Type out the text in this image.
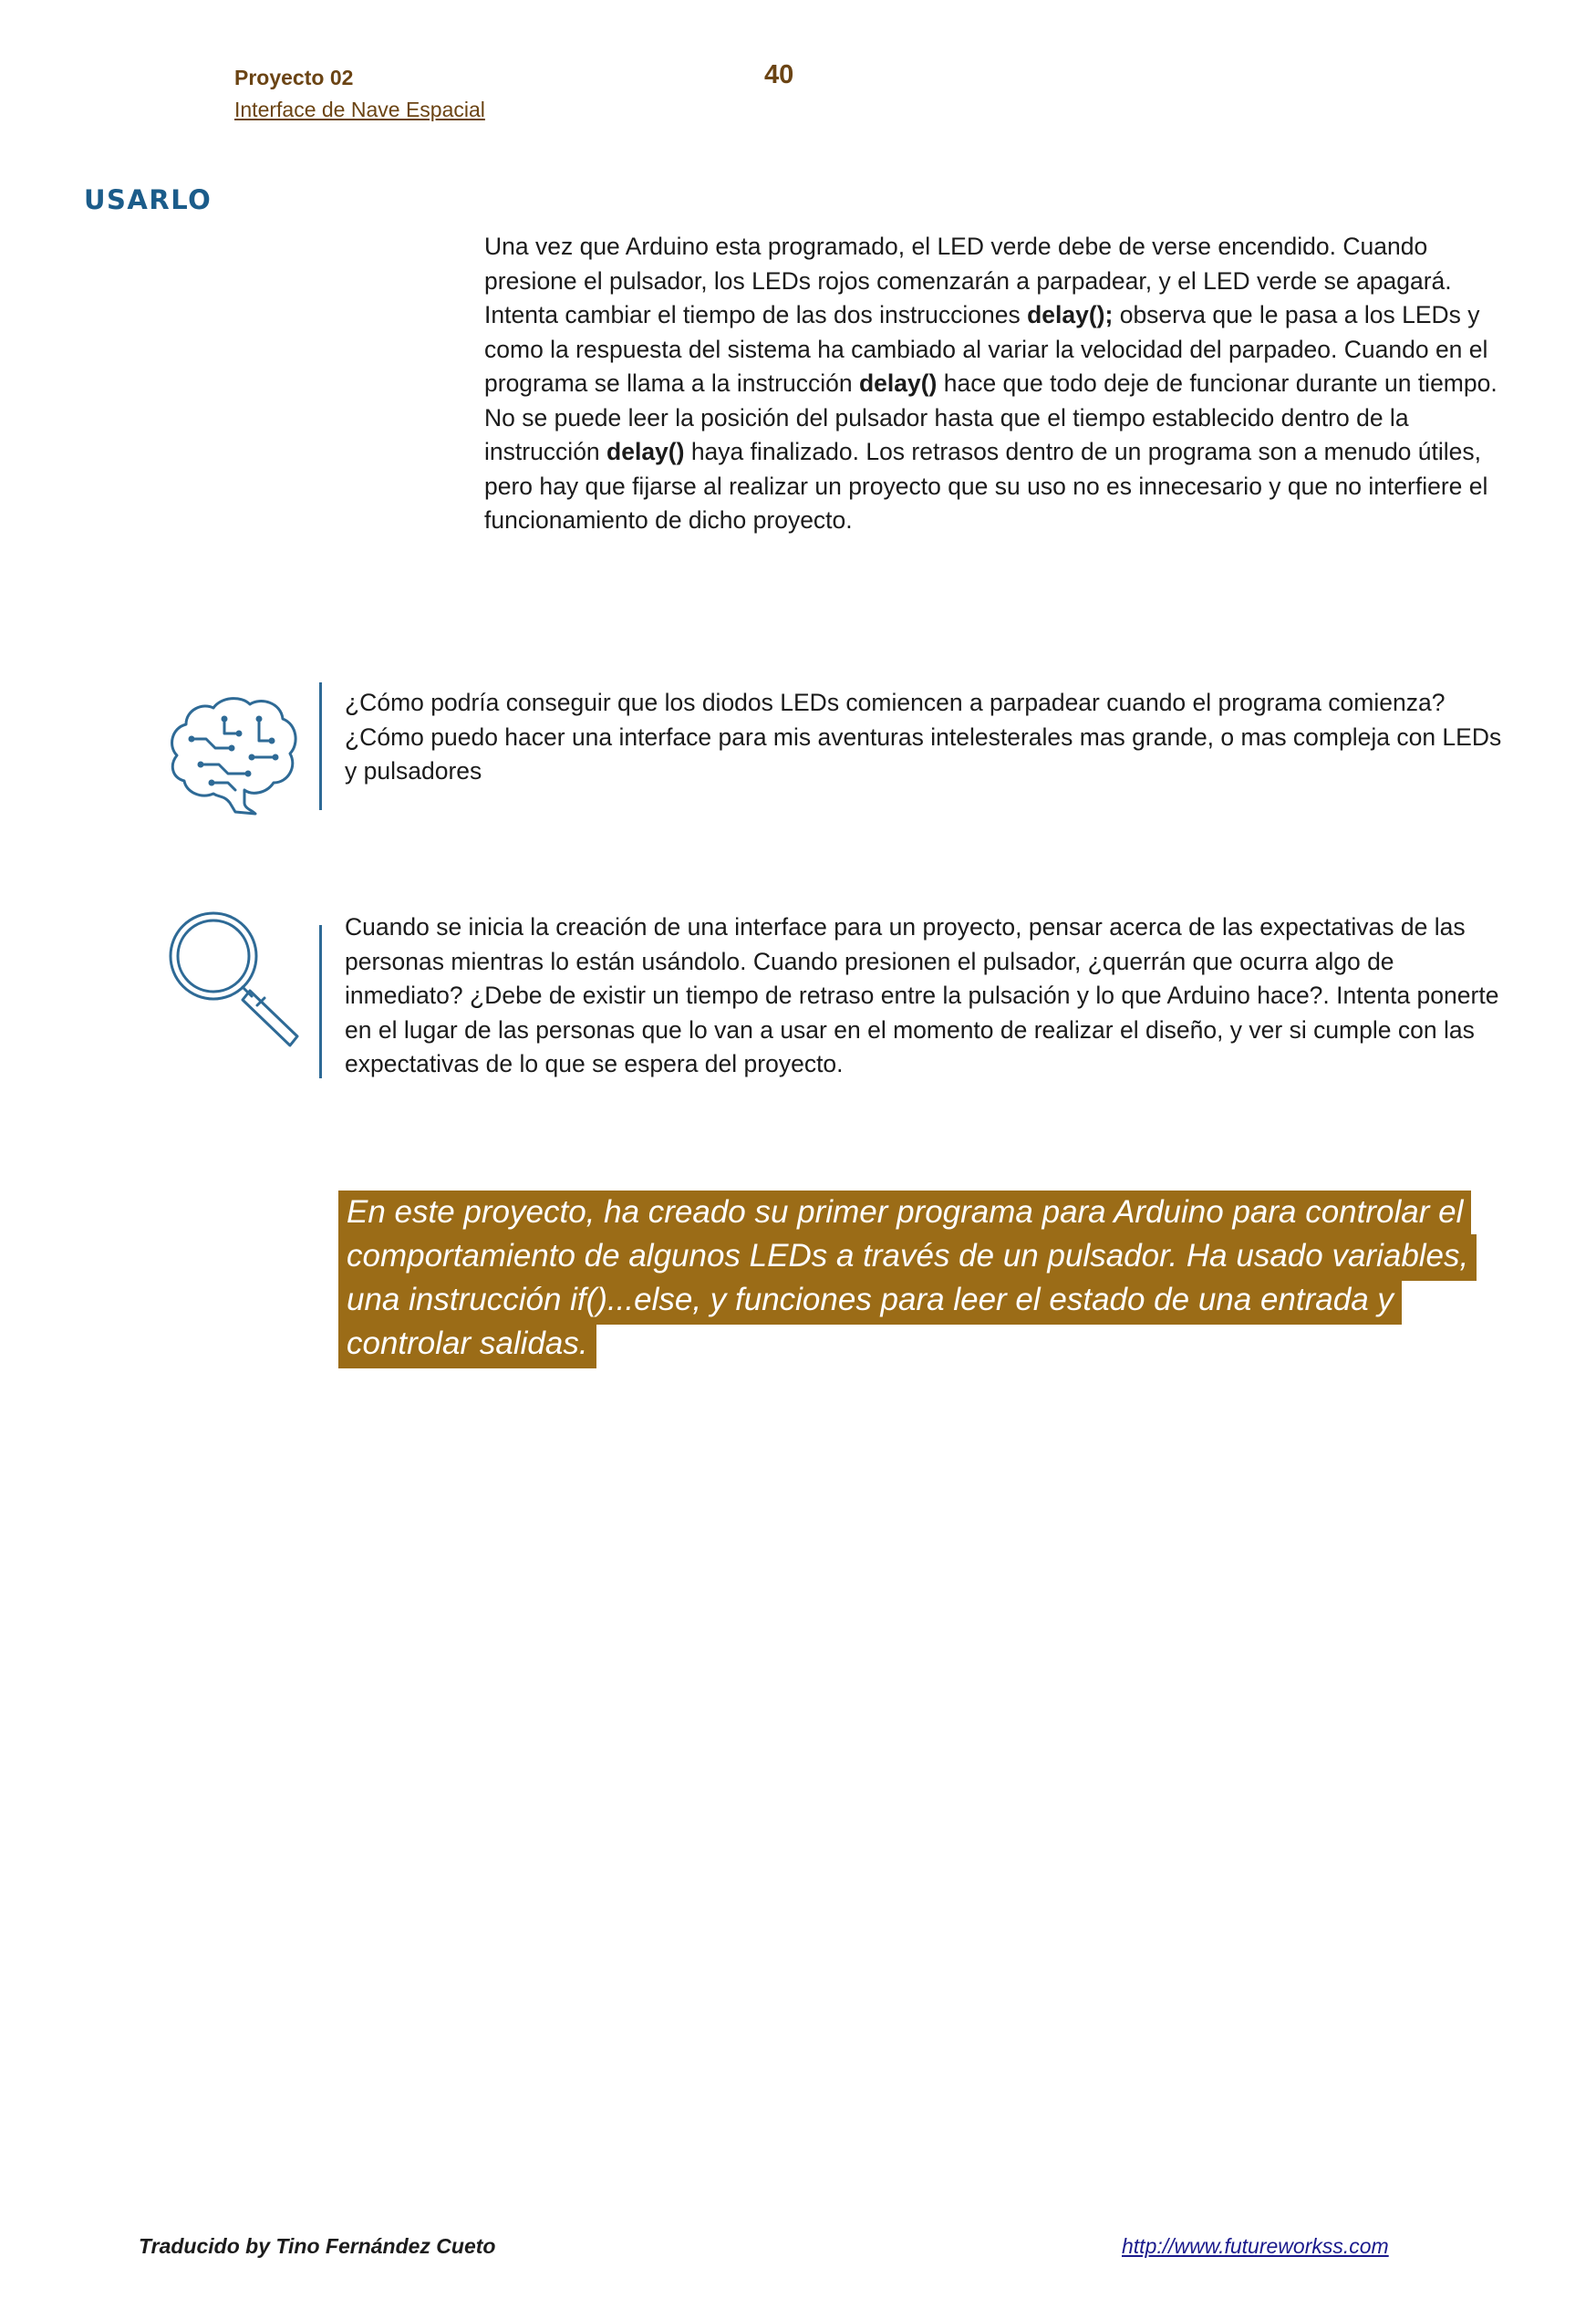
Proyecto 02
Interface de Nave Espacial
40
USARLO
Una vez que Arduino esta programado, el LED verde debe de verse encendido. Cuando presione el pulsador, los LEDs rojos comenzarán a parpadear, y el LED verde se apagará. Intenta cambiar el tiempo de las dos instrucciones delay(); observa que le pasa a los LEDs y como la respuesta del sistema ha cambiado al variar la velocidad del parpadeo. Cuando en el programa se llama a la instrucción delay() hace que todo deje de funcionar durante un tiempo. No se puede leer la posición del pulsador hasta que el tiempo establecido dentro de la instrucción delay() haya finalizado. Los retrasos dentro de un programa son a menudo útiles, pero hay que fijarse al realizar un proyecto que su uso no es innecesario y que no interfiere el funcionamiento de dicho proyecto.
¿Cómo podría conseguir que los diodos LEDs comiencen a parpadear cuando el programa comienza? ¿Cómo puedo hacer una interface para mis aventuras intelesterales mas grande, o mas compleja con LEDs y pulsadores
Cuando se inicia la creación de una interface para un proyecto, pensar acerca de las expectativas de las personas mientras lo están usándolo. Cuando presionen el pulsador, ¿querrán que ocurra algo de inmediato? ¿Debe de existir un tiempo de retraso entre la pulsación y lo que Arduino hace?. Intenta ponerte en el lugar de las personas que lo van a usar en el momento de realizar el diseño, y ver si cumple con las expectativas de lo que se espera del proyecto.
En este proyecto, ha creado su primer programa para Arduino para controlar el comportamiento de algunos LEDs a través de un pulsador. Ha usado variables, una instrucción if()...else, y funciones para leer el estado de una entrada y controlar salidas.
Traducido by Tino Fernández Cueto	http://www.futureworkss.com
